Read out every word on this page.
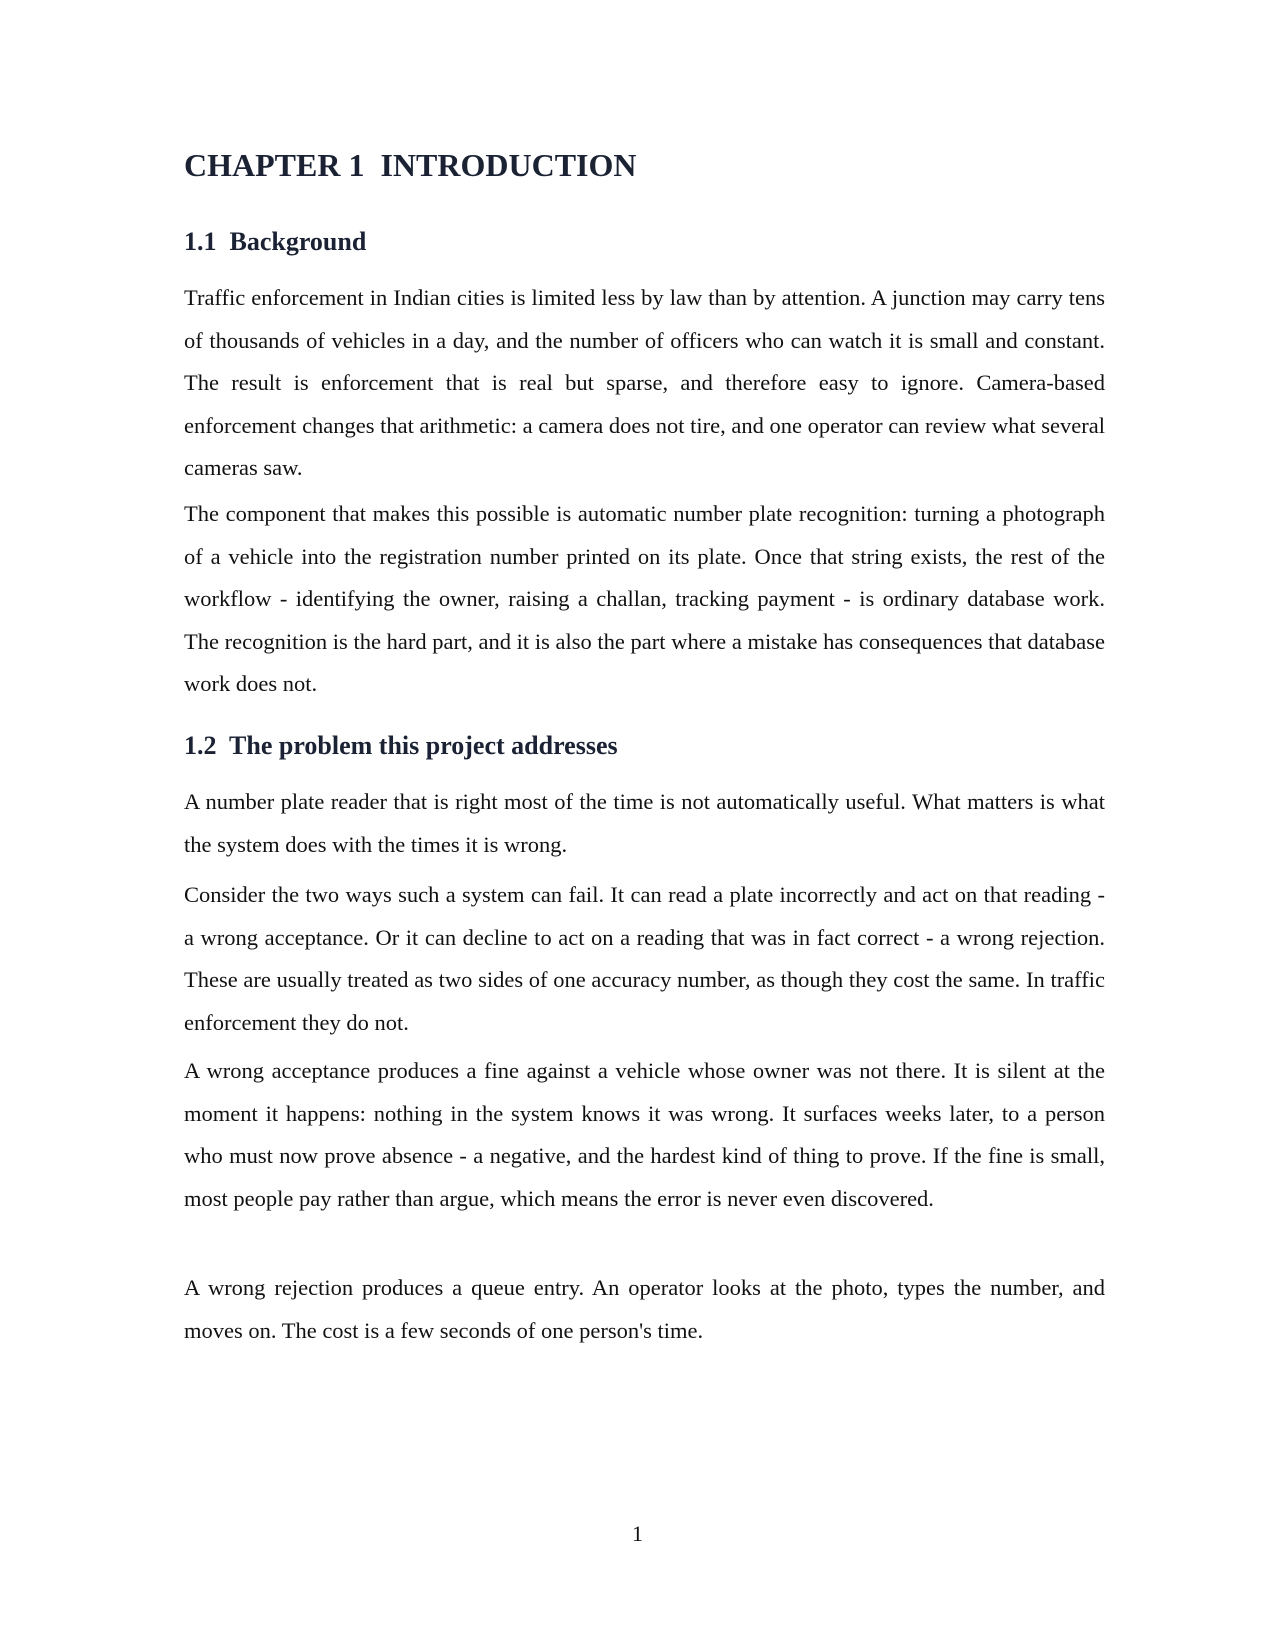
CHAPTER 1  INTRODUCTION
1.1  Background

Traffic enforcement in Indian cities is limited less by law than by attention. A junction may carry tens of thousands of vehicles in a day, and the number of officers who can watch it is small and constant. The result is enforcement that is real but sparse, and therefore easy to ignore. Camera-based enforcement changes that arithmetic: a camera does not tire, and one operator can review what several cameras saw.

The component that makes this possible is automatic number plate recognition: turning a photograph of a vehicle into the registration number printed on its plate. Once that string exists, the rest of the workflow - identifying the owner, raising a challan, tracking payment - is ordinary database work. The recognition is the hard part, and it is also the part where a mistake has consequences that database work does not.

1.2  The problem this project addresses

A number plate reader that is right most of the time is not automatically useful. What matters is what the system does with the times it is wrong.

Consider the two ways such a system can fail. It can read a plate incorrectly and act on that reading - a wrong acceptance. Or it can decline to act on a reading that was in fact correct - a wrong rejection. These are usually treated as two sides of one accuracy number, as though they cost the same. In traffic enforcement they do not.

A wrong acceptance produces a fine against a vehicle whose owner was not there. It is silent at the moment it happens: nothing in the system knows it was wrong. It surfaces weeks later, to a person who must now prove absence - a negative, and the hardest kind of thing to prove. If the fine is small, most people pay rather than argue, which means the error is never even discovered.

A wrong rejection produces a queue entry. An operator looks at the photo, types the number, and moves on. The cost is a few seconds of one person's time.

1
